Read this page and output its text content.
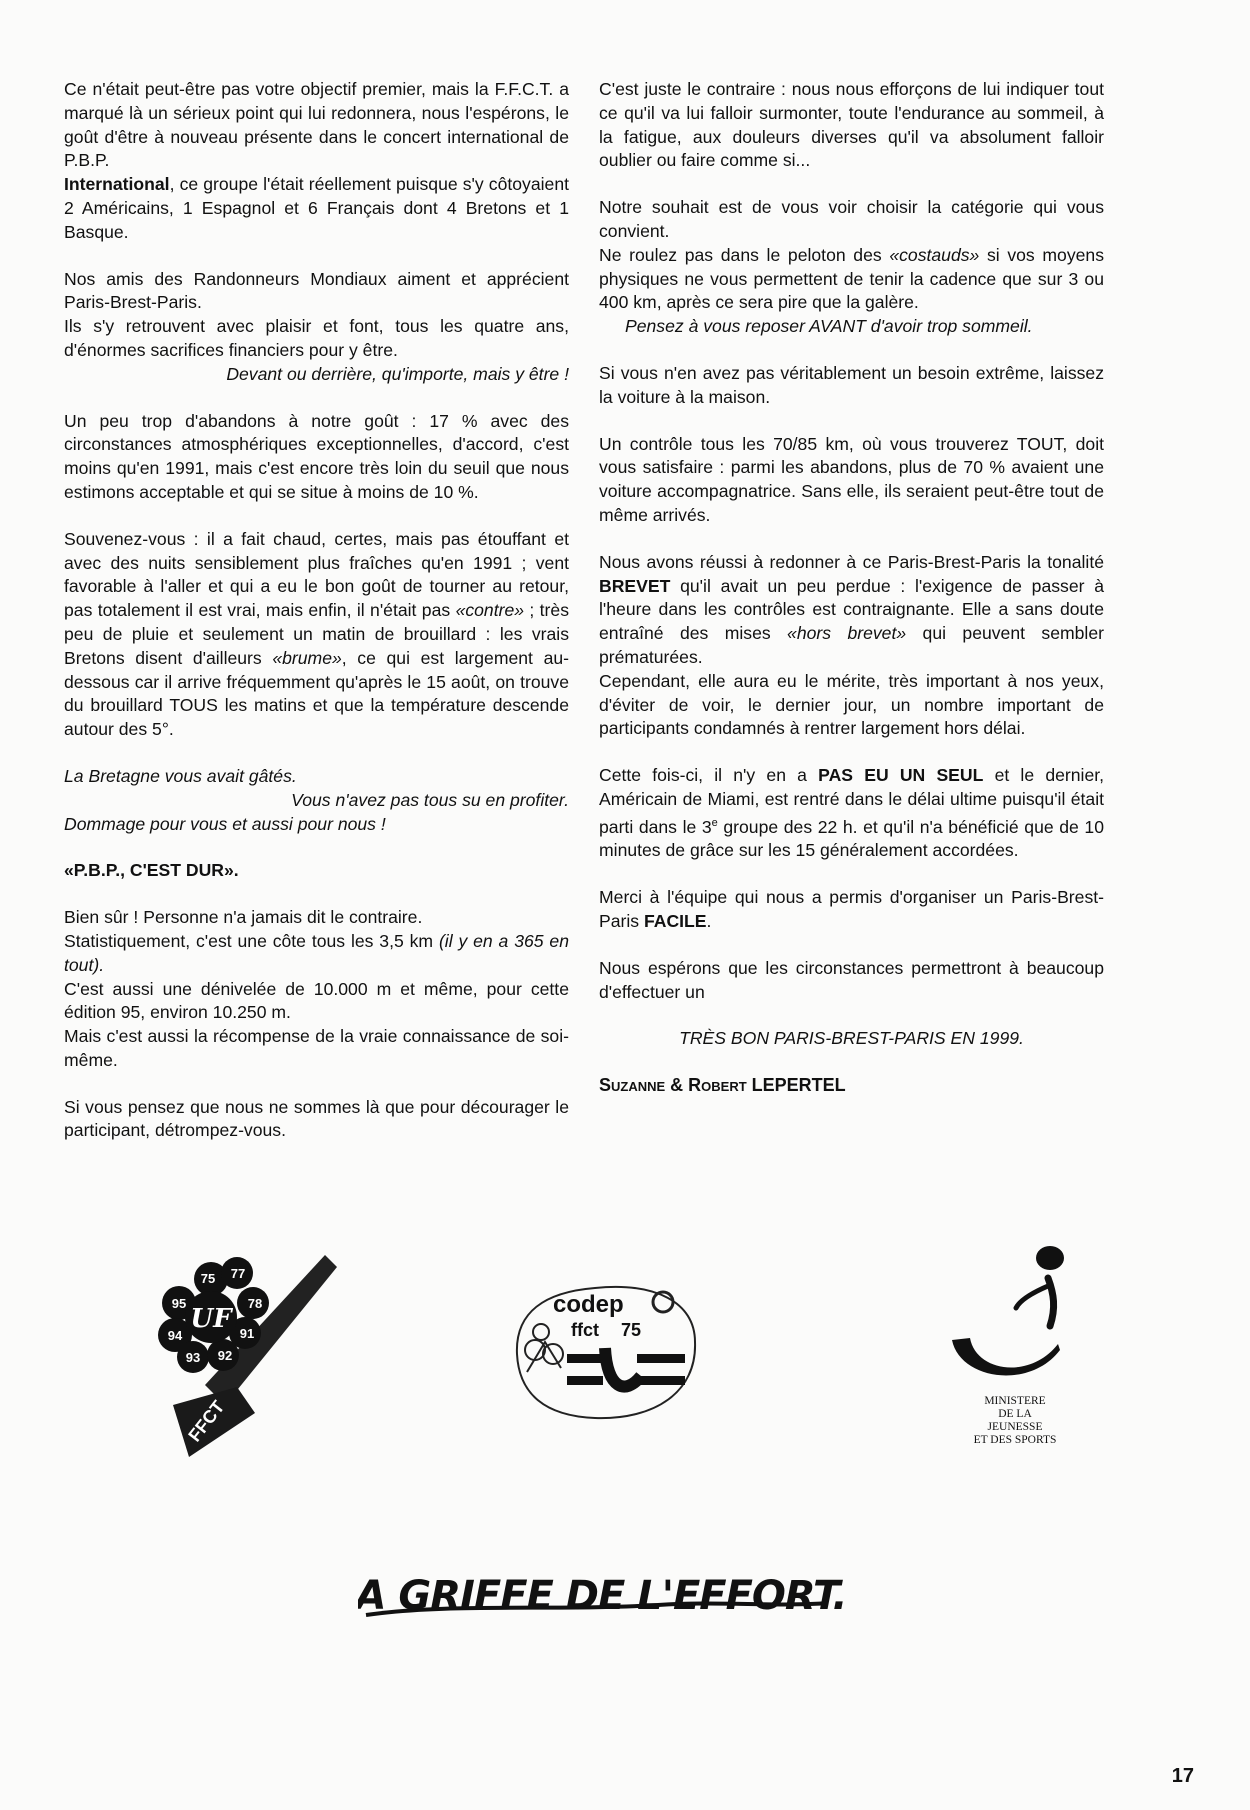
Ce n'était peut-être pas votre objectif premier, mais la F.F.C.T. a marqué là un sérieux point qui lui redonnera, nous l'espérons, le goût d'être à nouveau présente dans le concert international de P.B.P.

International, ce groupe l'était réellement puisque s'y côtoyaient 2 Américains, 1 Espagnol et 6 Français dont 4 Bretons et 1 Basque.

Nos amis des Randonneurs Mondiaux aiment et apprécient Paris-Brest-Paris.

Ils s'y retrouvent avec plaisir et font, tous les quatre ans, d'énormes sacrifices financiers pour y être.

Devant ou derrière, qu'importe, mais y être !

Un peu trop d'abandons à notre goût : 17 % avec des circonstances atmosphériques exceptionnelles, d'accord, c'est moins qu'en 1991, mais c'est encore très loin du seuil que nous estimons acceptable et qui se situe à moins de 10 %.

Souvenez-vous : il a fait chaud, certes, mais pas étouffant et avec des nuits sensiblement plus fraîches qu'en 1991 ; vent favorable à l'aller et qui a eu le bon goût de tourner au retour, pas totalement il est vrai, mais enfin, il n'était pas «contre» ; très peu de pluie et seulement un matin de brouillard : les vrais Bretons disent d'ailleurs «brume», ce qui est largement au-dessous car il arrive fréquemment qu'après le 15 août, on trouve du brouillard TOUS les matins et que la température descende autour des 5°.

La Bretagne vous avait gâtés.

Vous n'avez pas tous su en profiter.

Dommage pour vous et aussi pour nous !

«P.B.P., C'EST DUR».

Bien sûr ! Personne n'a jamais dit le contraire.

Statistiquement, c'est une côte tous les 3,5 km (il y en a 365 en tout).

C'est aussi une dénivelée de 10.000 m et même, pour cette édition 95, environ 10.250 m.

Mais c'est aussi la récompense de la vraie connaissance de soi-même.

Si vous pensez que nous ne sommes là que pour décourager le participant, détrompez-vous.

C'est juste le contraire : nous nous efforçons de lui indiquer tout ce qu'il va lui falloir surmonter, toute l'endurance au sommeil, à la fatigue, aux douleurs diverses qu'il va absolument falloir oublier ou faire comme si...

Notre souhait est de vous voir choisir la catégorie qui vous convient.

Ne roulez pas dans le peloton des «costauds» si vos moyens physiques ne vous permettent de tenir la cadence que sur 3 ou 400 km, après ce sera pire que la galère.

Pensez à vous reposer AVANT d'avoir trop sommeil.

Si vous n'en avez pas véritablement un besoin extrême, laissez la voiture à la maison.

Un contrôle tous les 70/85 km, où vous trouverez TOUT, doit vous satisfaire : parmi les abandons, plus de 70 % avaient une voiture accompagnatrice. Sans elle, ils seraient peut-être tout de même arrivés.

Nous avons réussi à redonner à ce Paris-Brest-Paris la tonalité BREVET qu'il avait un peu perdue : l'exigence de passer à l'heure dans les contrôles est contraignante. Elle a sans doute entraîné des mises «hors brevet» qui peuvent sembler prématurées.

Cependant, elle aura eu le mérite, très important à nos yeux, d'éviter de voir, le dernier jour, un nombre important de participants condamnés à rentrer largement hors délai.

Cette fois-ci, il n'y en a PAS EU UN SEUL et le dernier, Américain de Miami, est rentré dans le délai ultime puisqu'il était parti dans le 3e groupe des 22 h. et qu'il n'a bénéficié que de 10 minutes de grâce sur les 15 généralement accordées.

Merci à l'équipe qui nous a permis d'organiser un Paris-Brest-Paris FACILE.

Nous espérons que les circonstances permettront à beaucoup d'effectuer un

TRÈS BON PARIS-BREST-PARIS EN 1999.

Suzanne & Robert LEPERTEL

FFCT
75 77
95	78
94
93 92
91
UF	codep
ffct 75
MINISTERE
DE LA
JEUNESSE
ET DES SPORTS
LA GRIFFE DE L'EFFORT...
17
